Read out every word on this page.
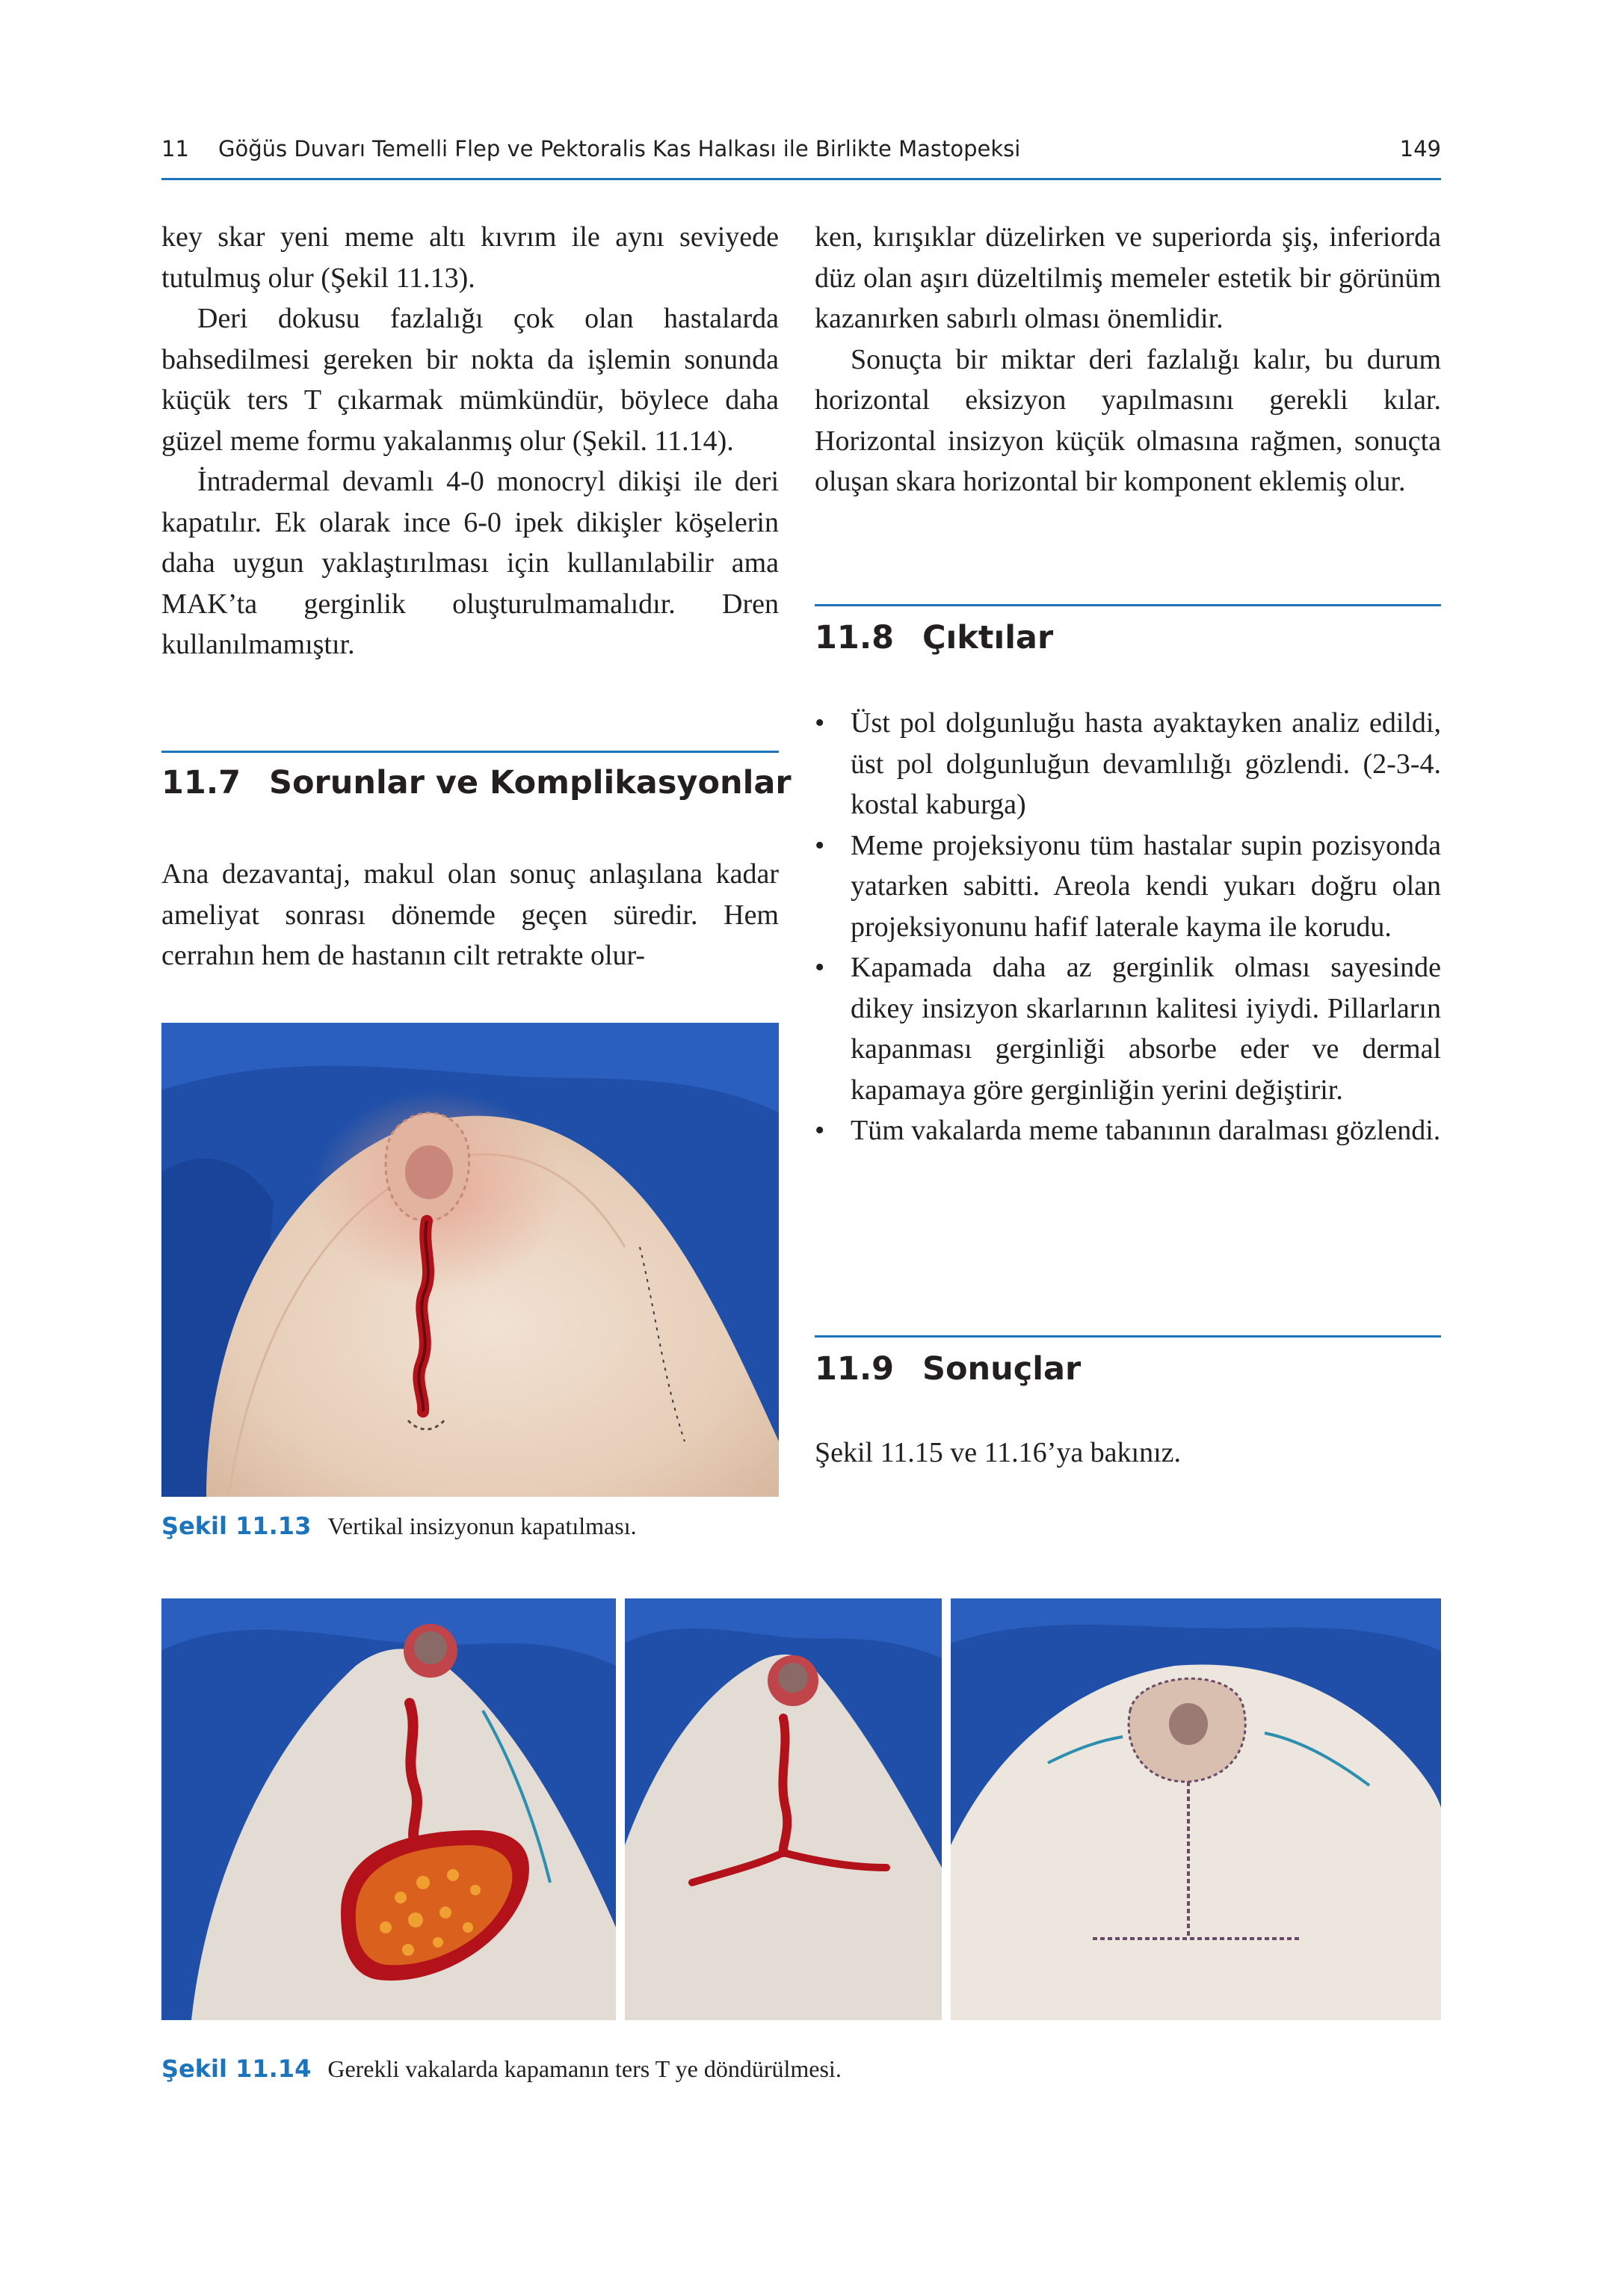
11 Göğüs Duvarı Temelli Flep ve Pektoralis Kas Halkası ile Birlikte Mastopeksi	149

key skar yeni meme altı kıvrım ile aynı seviyede tutulmuş olur (Şekil 11.13).

Deri dokusu fazlalığı çok olan hastalarda bahsedilmesi gereken bir nokta da işlemin sonunda küçük ters T çıkarmak mümkündür, böylece daha güzel meme formu yakalanmış olur (Şekil. 11.14).

İntradermal devamlı 4-0 monocryl dikişi ile deri kapatılır. Ek olarak ince 6-0 ipek dikişler köşelerin daha uygun yaklaştırılması için kullanılabilir ama MAK’ta gerginlik oluşturulmamalıdır. Dren kullanılmamıştır.

11.7 Sorunlar ve Komplikasyonlar

Ana dezavantaj, makul olan sonuç anlaşılana kadar ameliyat sonrası dönemde geçen süredir. Hem cerrahın hem de hastanın cilt retrakte olur-

Şekil 11.13 Vertikal insizyonun kapatılması.

ken, kırışıklar düzelirken ve superiorda şiş, inferiorda düz olan aşırı düzeltilmiş memeler estetik bir görünüm kazanırken sabırlı olması önemlidir.

Sonuçta bir miktar deri fazlalığı kalır, bu durum horizontal eksizyon yapılmasını gerekli kılar. Horizontal insizyon küçük olmasına rağmen, sonuçta oluşan skara horizontal bir komponent eklemiş olur.

11.8 Çıktılar
• Üst pol dolgunluğu hasta ayaktayken analiz edildi, üst pol dolgunluğun devamlılığı gözlendi. (2-3-4. kostal kaburga)
• Meme projeksiyonu tüm hastalar supin pozisyonda yatarken sabitti. Areola kendi yukarı doğru olan projeksiyonunu hafif laterale kayma ile korudu.
• Kapamada daha az gerginlik olması sayesinde dikey insizyon skarlarının kalitesi iyiydi. Pillarların kapanması gerginliği absorbe eder ve dermal kapamaya göre gerginliğin yerini değiştirir.
• Tüm vakalarda meme tabanının daralması gözlendi.
11.9 Sonuçlar

Şekil 11.15 ve 11.16’ya bakınız.

Şekil 11.14 Gerekli vakalarda kapamanın ters T ye döndürülmesi.
